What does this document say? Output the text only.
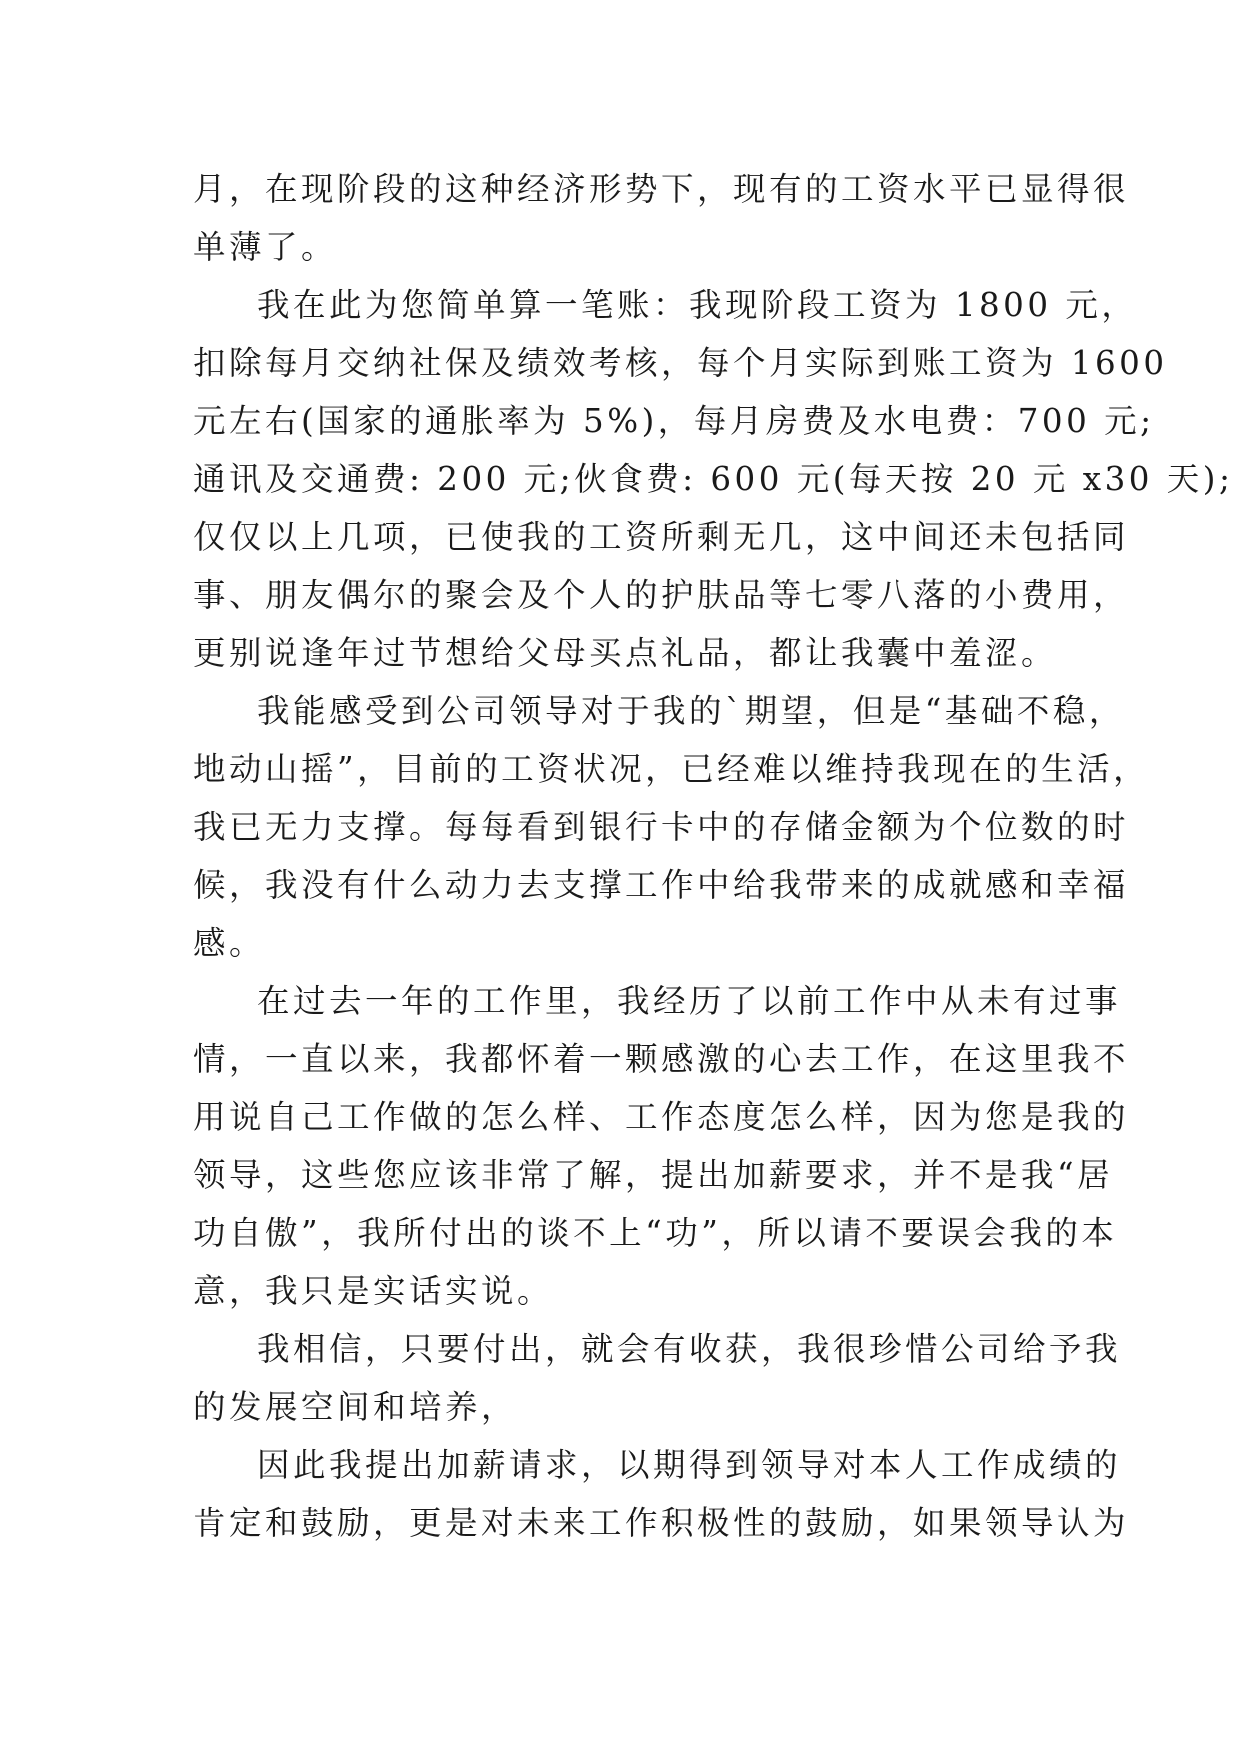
月，在现阶段的这种经济形势下，现有的工资水平已显得很
单薄了。
我在此为您简单算一笔账：我现阶段工资为 1800 元，
扣除每月交纳社保及绩效考核，每个月实际到账工资为 1600
元左右(国家的通胀率为 5%)，每月房费及水电费：700 元;
通讯及交通费: 200 元;伙食费: 600 元(每天按 20 元 x30 天);
仅仅以上几项，已使我的工资所剩无几，这中间还未包括同
事、朋友偶尔的聚会及个人的护肤品等七零八落的小费用，
更别说逢年过节想给父母买点礼品，都让我囊中羞涩。
我能感受到公司领导对于我的`期望，但是“基础不稳，
地动山摇”，目前的工资状况，已经难以维持我现在的生活，
我已无力支撑。每每看到银行卡中的存储金额为个位数的时
候，我没有什么动力去支撑工作中给我带来的成就感和幸福
感。
在过去一年的工作里，我经历了以前工作中从未有过事
情，一直以来，我都怀着一颗感激的心去工作，在这里我不
用说自己工作做的怎么样、工作态度怎么样，因为您是我的
领导，这些您应该非常了解，提出加薪要求，并不是我“居
功自傲”，我所付出的谈不上“功”，所以请不要误会我的本
意，我只是实话实说。
我相信，只要付出，就会有收获，我很珍惜公司给予我
的发展空间和培养，
因此我提出加薪请求，以期得到领导对本人工作成绩的
肯定和鼓励，更是对未来工作积极性的鼓励，如果领导认为
